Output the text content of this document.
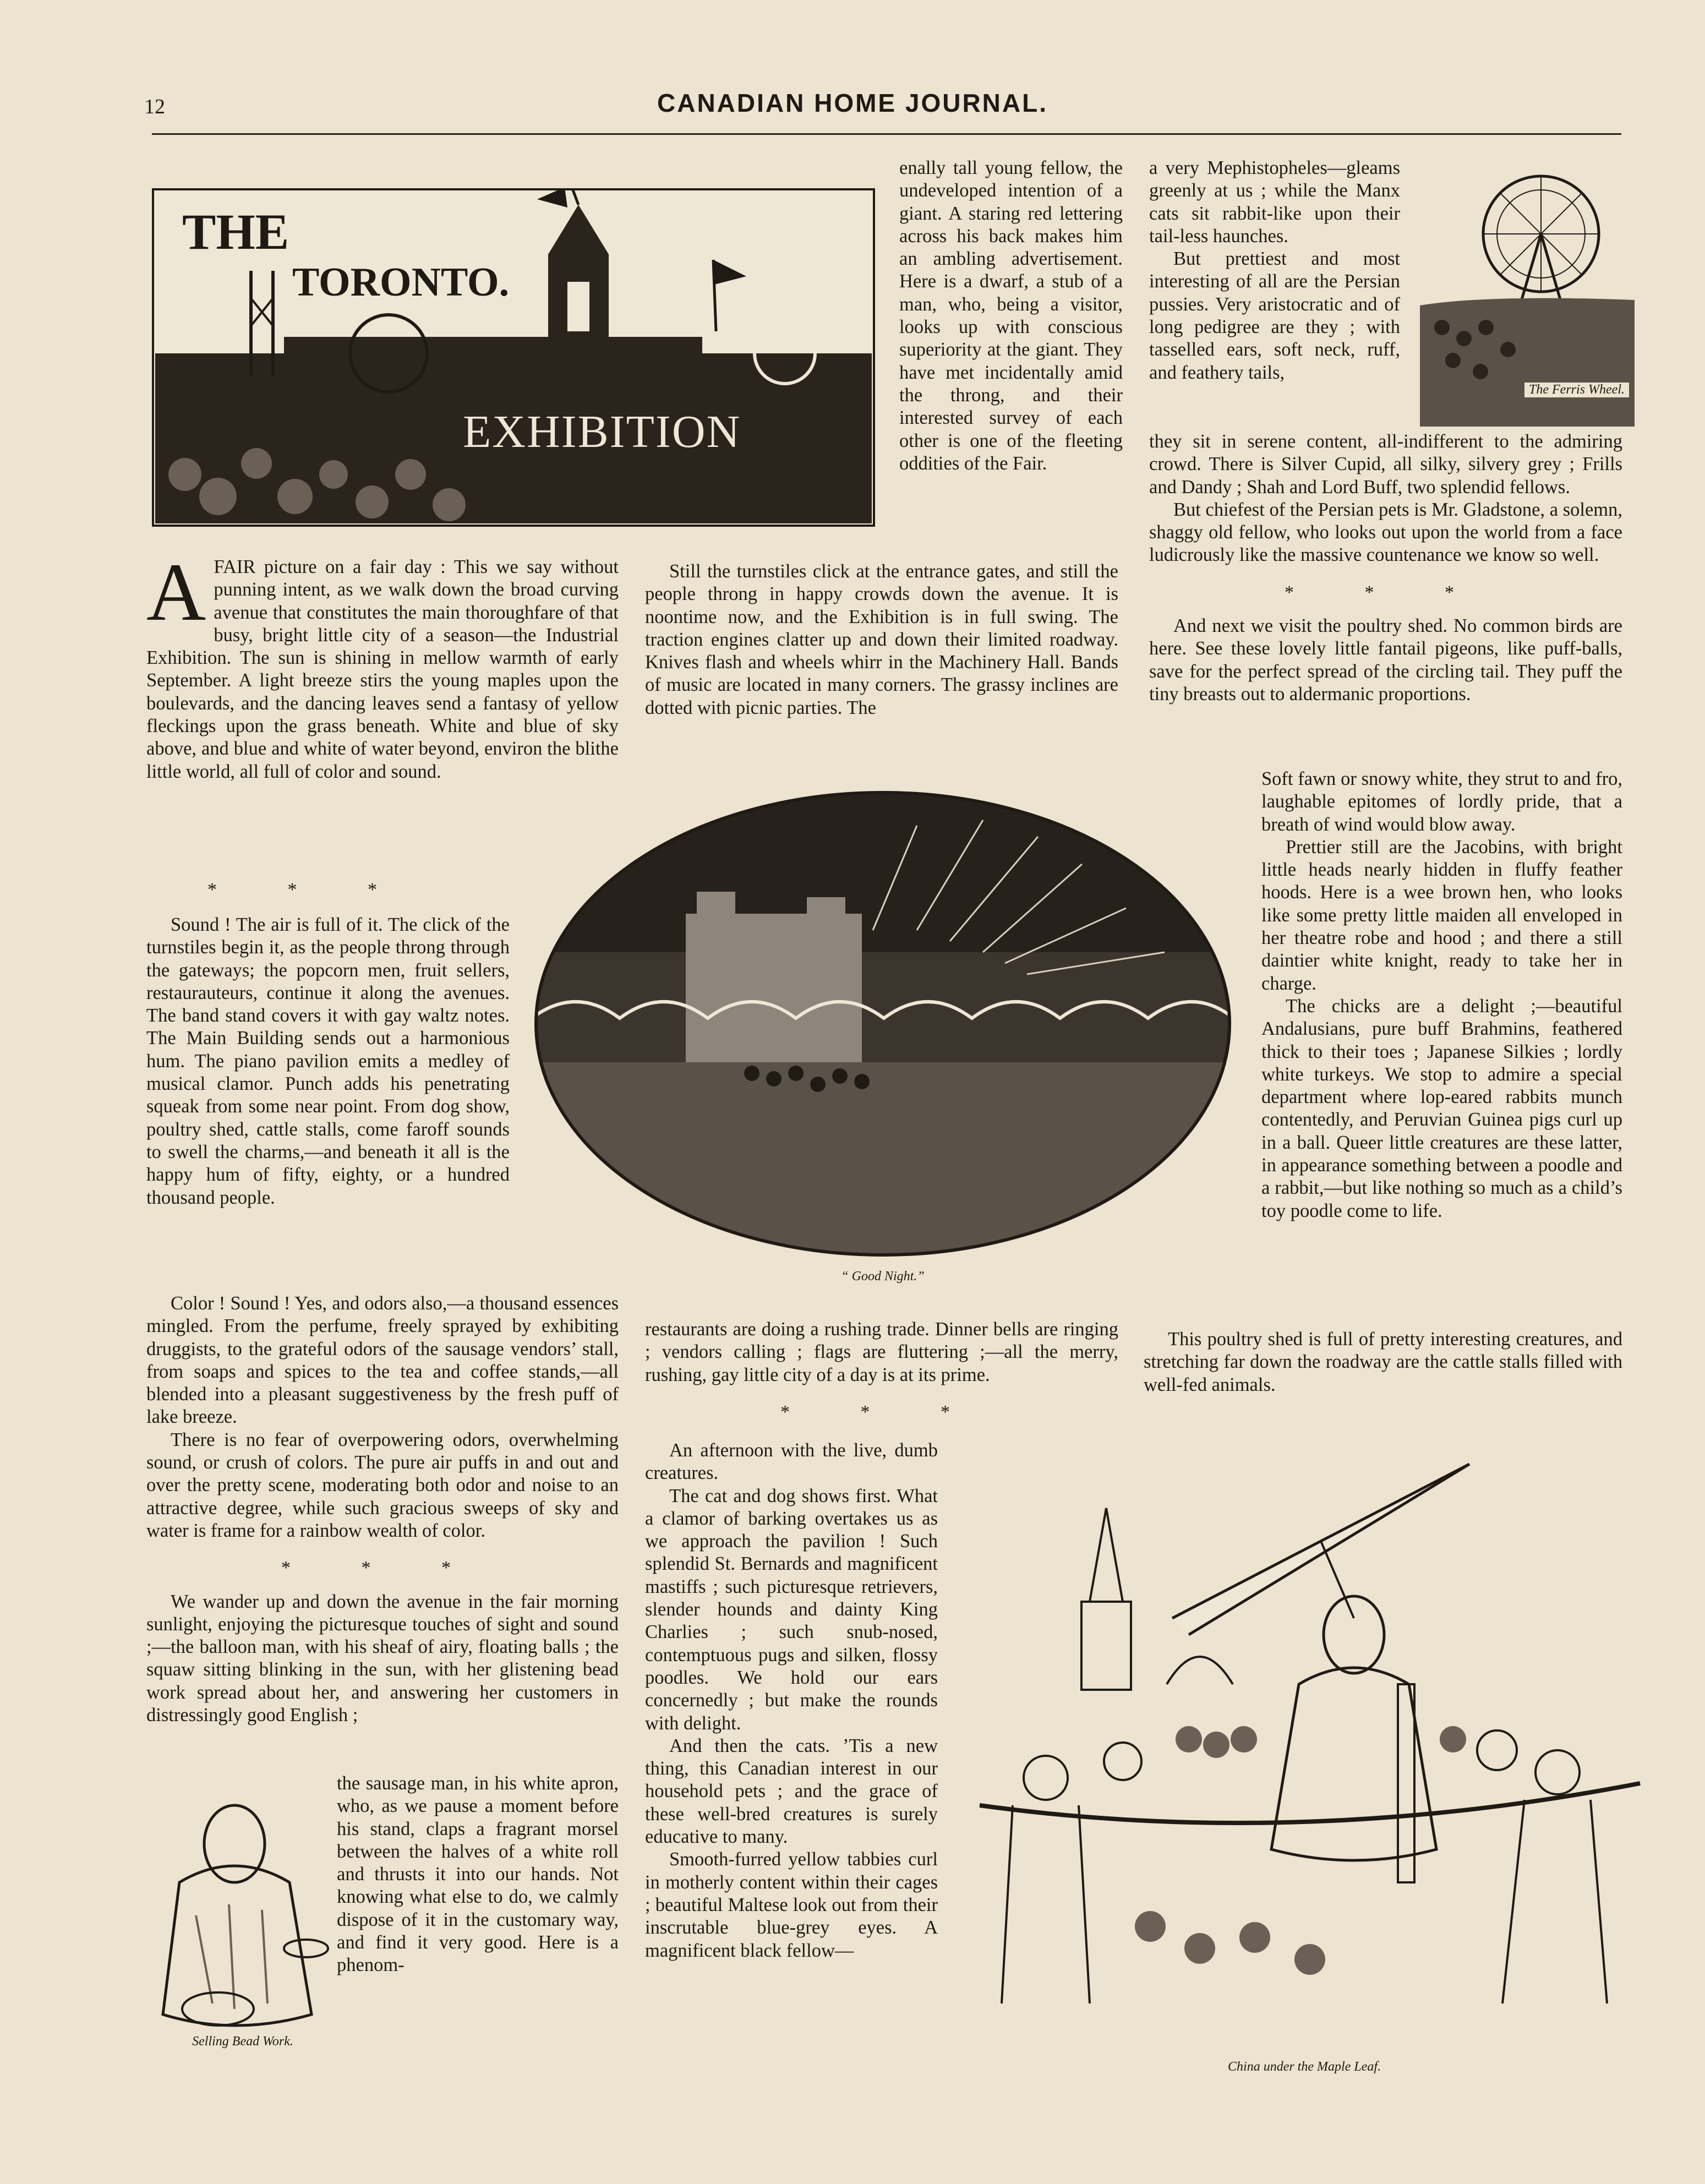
12	CANADIAN HOME JOURNAL.
THE
TORONTO.
EXHIBITION

AFAIR picture on a fair day : This we say without punning intent, as we walk down the broad curving avenue that constitutes the main thoroughfare of that busy, bright little city of a season—the Industrial Exhibition. The sun is shining in mellow warmth of early September. A light breeze stirs the young maples upon the boulevards, and the dancing leaves send a fantasy of yellow fleckings upon the grass beneath. White and blue of sky above, and blue and white of water beyond, environ the blithe little world, all full of color and sound.

* * *

Sound ! The air is full of it. The click of the turnstiles begin it, as the people throng through the gateways; the popcorn men, fruit sellers, restaurauteurs, continue it along the avenues. The band stand covers it with gay waltz notes. The Main Building sends out a harmonious hum. The piano pavilion emits a medley of musical clamor. Punch adds his penetrating squeak from some near point. From dog show, poultry shed, cattle stalls, come faroff sounds to swell the charms,—and beneath it all is the happy hum of fifty, eighty, or a hundred thousand people.

Color ! Sound ! Yes, and odors also,—a thousand essences mingled. From the perfume, freely sprayed by exhibiting druggists, to the grateful odors of the sausage vendors’ stall, from soaps and spices to the tea and coffee stands,—all blended into a pleasant suggestiveness by the fresh puff of lake breeze.

There is no fear of overpowering odors, overwhelming sound, or crush of colors. The pure air puffs in and out and over the pretty scene, moderating both odor and noise to an attractive degree, while such gracious sweeps of sky and water is frame for a rainbow wealth of color.

* * *

We wander up and down the avenue in the fair morning sunlight, enjoying the picturesque touches of sight and sound ;—the balloon man, with his sheaf of airy, floating balls ; the squaw sitting blinking in the sun, with her glistening bead work spread about her, and answering her customers in distressingly good English ;

Selling Bead Work.

the sausage man, in his white apron, who, as we pause a moment before his stand, claps a fragrant morsel between the halves of a white roll and thrusts it into our hands. Not knowing what else to do, we calmly dispose of it in the customary way, and find it very good. Here is a phenom-

enally tall young fellow, the undeveloped intention of a giant. A staring red lettering across his back makes him an ambling advertisement. Here is a dwarf, a stub of a man, who, being a visitor, looks up with conscious superiority at the giant. They have met incidentally amid the throng, and their interested survey of each other is one of the fleeting oddities of the Fair.

Still the turnstiles click at the entrance gates, and still the people throng in happy crowds down the avenue. It is noontime now, and the Exhibition is in full swing. The traction engines clatter up and down their limited roadway. Knives flash and wheels whirr in the Machinery Hall. Bands of music are located in many corners. The grassy inclines are dotted with picnic parties. The

“ Good Night.”

restaurants are doing a rushing trade. Dinner bells are ringing ; vendors calling ; flags are fluttering ;—all the merry, rushing, gay little city of a day is at its prime.

* * *

An afternoon with the live, dumb creatures.

The cat and dog shows first. What a clamor of barking overtakes us as we approach the pavilion ! Such splendid St. Bernards and magnificent mastiffs ; such picturesque retrievers, slender hounds and dainty King Charlies ; such snub-nosed, contemptuous pugs and silken, flossy poodles. We hold our ears concernedly ; but make the rounds with delight.

And then the cats. ’Tis a new thing, this Canadian interest in our household pets ; and the grace of these well-bred creatures is surely educative to many.

Smooth-furred yellow tabbies curl in motherly content within their cages ; beautiful Maltese look out from their inscrutable blue-grey eyes. A magnificent black fellow—

a very Mephistopheles—gleams greenly at us ; while the Manx cats sit rabbit-like upon their tail-less haunches.

But prettiest and most interesting of all are the Persian pussies. Very aristocratic and of long pedigree are they ; with tasselled ears, soft neck, ruff, and feathery tails,

The Ferris Wheel.

they sit in serene content, all-indifferent to the admiring crowd. There is Silver Cupid, all silky, silvery grey ; Frills and Dandy ; Shah and Lord Buff, two splendid fellows.

But chiefest of the Persian pets is Mr. Gladstone, a solemn, shaggy old fellow, who looks out upon the world from a face ludicrously like the massive countenance we know so well.

* * *

And next we visit the poultry shed. No common birds are here. See these lovely little fantail pigeons, like puff-balls, save for the perfect spread of the circling tail. They puff the tiny breasts out to aldermanic proportions.

Soft fawn or snowy white, they strut to and fro, laughable epitomes of lordly pride, that a breath of wind would blow away.

Prettier still are the Jacobins, with bright little heads nearly hidden in fluffy feather hoods. Here is a wee brown hen, who looks like some pretty little maiden all enveloped in her theatre robe and hood ; and there a still daintier white knight, ready to take her in charge.

The chicks are a delight ;—beautiful Andalusians, pure buff Brahmins, feathered thick to their toes ; Japanese Silkies ; lordly white turkeys. We stop to admire a special department where lop-eared rabbits munch contentedly, and Peruvian Guinea pigs curl up in a ball. Queer little creatures are these latter, in appearance something between a poodle and a rabbit,—but like nothing so much as a child’s toy poodle come to life.

This poultry shed is full of pretty interesting creatures, and stretching far down the roadway are the cattle stalls filled with well-fed animals.

China under the Maple Leaf.
